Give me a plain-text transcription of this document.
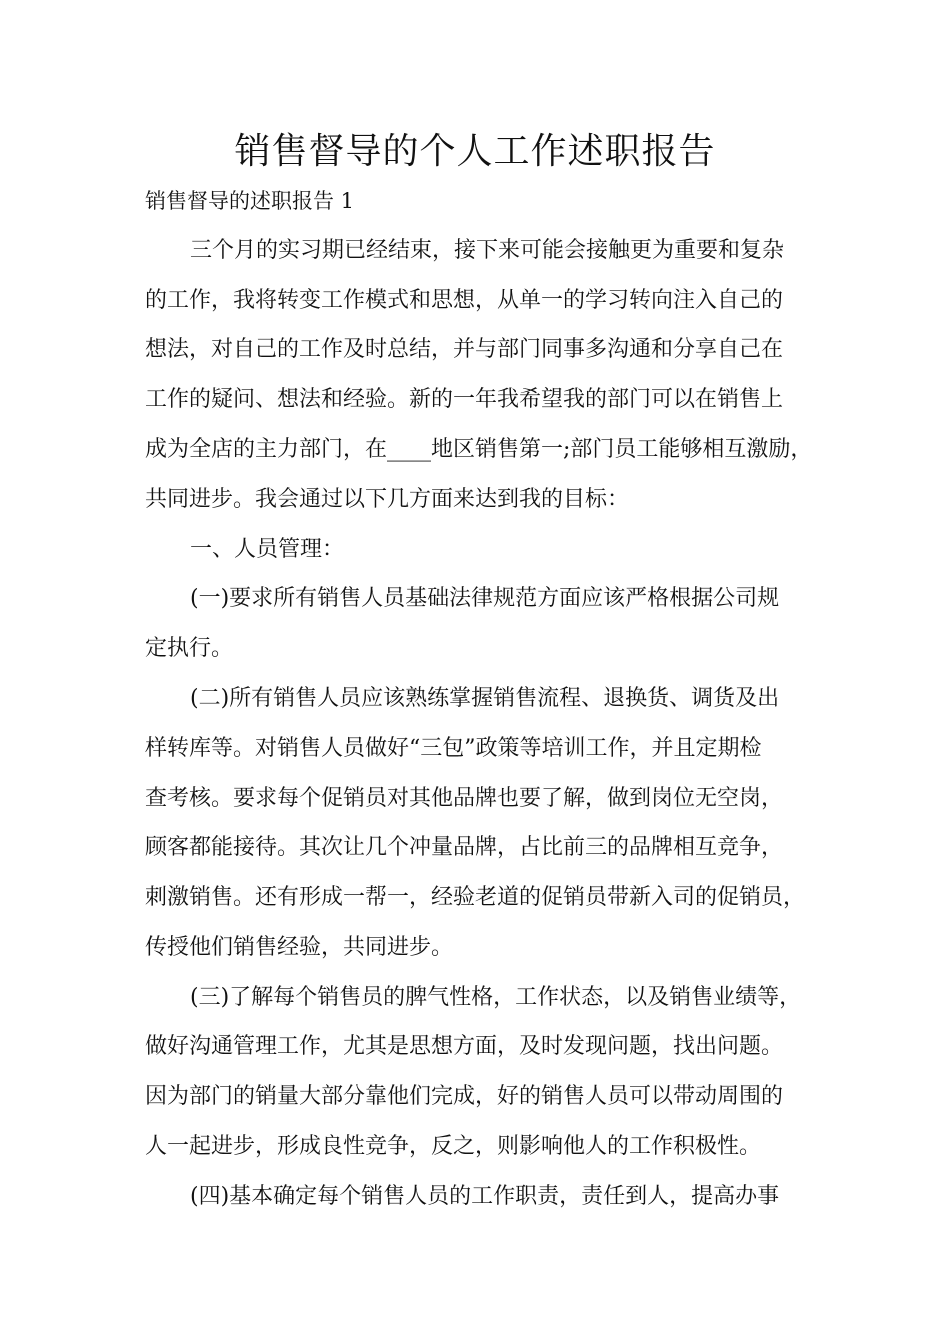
销售督导的个人工作述职报告
销售督导的述职报告 1
三个月的实习期已经结束，接下来可能会接触更为重要和复杂
的工作，我将转变工作模式和思想，从单一的学习转向注入自己的
想法，对自己的工作及时总结，并与部门同事多沟通和分享自己在
工作的疑问、想法和经验。新的一年我希望我的部门可以在销售上
成为全店的主力部门，在____地区销售第一;部门员工能够相互激励，
共同进步。我会通过以下几方面来达到我的目标：
一、人员管理：
(一)要求所有销售人员基础法律规范方面应该严格根据公司规
定执行。
(二)所有销售人员应该熟练掌握销售流程、退换货、调货及出
样转库等。对销售人员做好“三包”政策等培训工作，并且定期检
查考核。要求每个促销员对其他品牌也要了解，做到岗位无空岗，
顾客都能接待。其次让几个冲量品牌，占比前三的品牌相互竞争，
刺激销售。还有形成一帮一，经验老道的促销员带新入司的促销员，
传授他们销售经验，共同进步。
(三)了解每个销售员的脾气性格，工作状态，以及销售业绩等，
做好沟通管理工作，尤其是思想方面，及时发现问题，找出问题。
因为部门的销量大部分靠他们完成，好的销售人员可以带动周围的
人一起进步，形成良性竞争，反之，则影响他人的工作积极性。
(四)基本确定每个销售人员的工作职责，责任到人，提高办事
